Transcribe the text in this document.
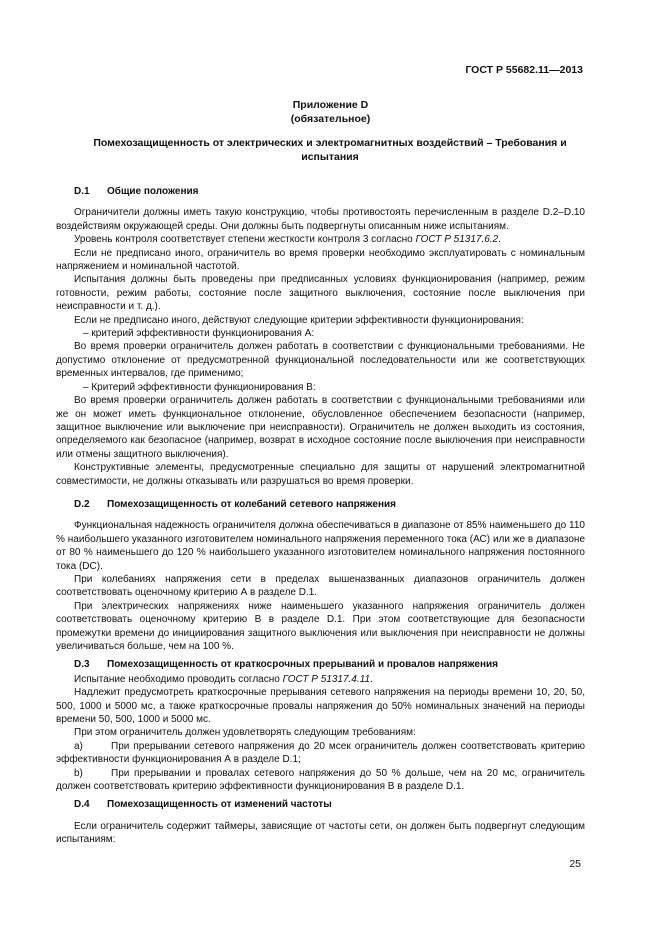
ГОСТ Р 55682.11—2013
Приложение D
(обязательное)
Помехозащищенность от электрических и электромагнитных воздействий – Требования и испытания
D.1 Общие положения

Ограничители должны иметь такую конструкцию, чтобы противостоять перечисленным в разделе D.2–D.10 воздействиям окружающей среды. Они должны быть подвергнуты описанным ниже испытаниям.

Уровень контроля соответствует степени жесткости контроля 3 согласно ГОСТ Р 51317.6.2.

Если не предписано иного, ограничитель во время проверки необходимо эксплуатировать с номинальным напряжением и номинальной частотой.

Испытания должны быть проведены при предписанных условиях функционирования (например, режим готовности, режим работы, состояние после защитного выключения, состояние после выключения при неисправности и т. д.).

Если не предписано иного, действуют следующие критерии эффективности функционирования:

– критерий эффективности функционирования А:

Во время проверки ограничитель должен работать в соответствии с функциональными требованиями. Не допустимо отклонение от предусмотренной функциональной последовательности или же соответствующих временных интервалов, где применимо;

– Критерий эффективности функционирования В:

Во время проверки ограничитель должен работать в соответствии с функциональными требованиями или же он может иметь функциональное отклонение, обусловленное обеспечением безопасности (например, защитное выключение или выключение при неисправности). Ограничитель не должен выходить из состояния, определяемого как безопасное (например, возврат в исходное состояние после выключения при неисправности или отмены защитного выключения).

Конструктивные элементы, предусмотренные специально для защиты от нарушений электромагнитной совместимости, не должны отказывать или разрушаться во время проверки.

D.2 Помехозащищенность от колебаний сетевого напряжения

Функциональная надежность ограничителя должна обеспечиваться в диапазоне от 85% наименьшего до 110 % наибольшего указанного изготовителем номинального напряжения переменного тока (АС) или же в диапазоне от 80 % наименьшего до 120 % наибольшего указанного изготовителем номинального напряжения постоянного тока (DC).

При колебаниях напряжения сети в пределах вышеназванных диапазонов ограничитель должен соответствовать оценочному критерию А в разделе D.1.

При электрических напряжениях ниже наименьшего указанного напряжения ограничитель должен соответствовать оценочному критерию В в разделе D.1. При этом соответствующие для безопасности промежутки времени до инициирования защитного выключения или выключения при неиспрaвности не должны увеличиваться больше, чем на 100 %.

D.3 Помехозащищенность от краткосрочных прерываний и провалов напряжения

Испытание необходимо проводить согласно ГОСТ Р 51317.4.11.

Надлежит предусмотреть краткосрочные прерывания сетевого напряжения на периоды времени 10, 20, 50, 500, 1000 и 5000 мс, а также краткосрочные провалы напряжения до 50% номинальных значений на периоды времени 50, 500, 1000 и 5000 мс.

При этом ограничитель должен удовлетворять следующим требованиям:

a)	При прерывании сетевого напряжения до 20 мсек ограничитель должен соответствовать критерию эффективности функционирования А в разделе D.1;

b)	При прерывании и провалах сетевого напряжения до 50 % дольше, чем на 20 мс, ограничитель должен соответствовать критерию эффективности функционирования В в разделе D.1.

D.4 Помехозащищенность от изменений частоты

Если ограничитель содержит таймеры, зависящие от частоты сети, он должен быть подвергнут следующим испытаниям:

25
